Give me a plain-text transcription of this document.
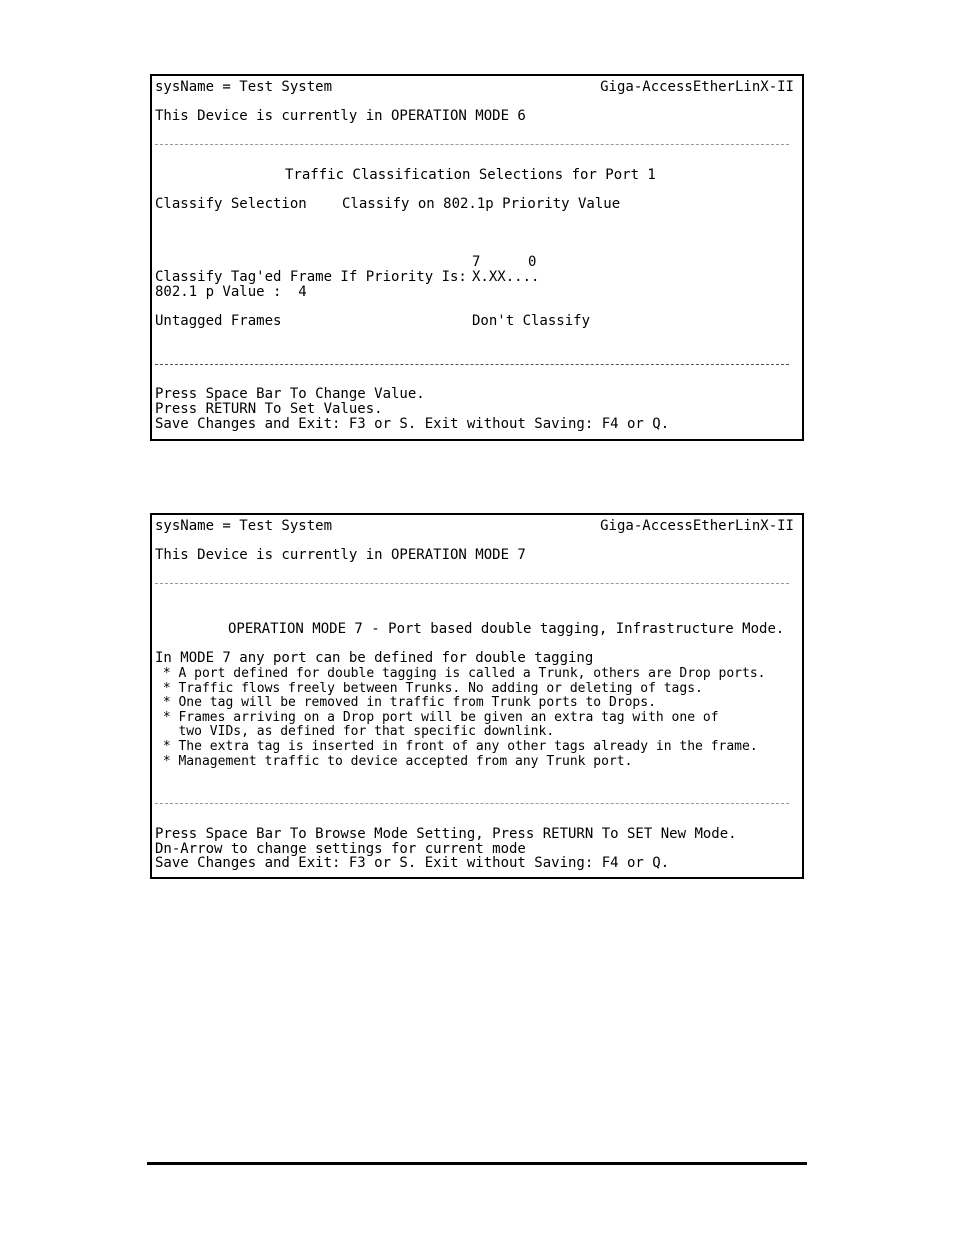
sysName = Test System

	Giga-AccessEtherLinX-II

This Device is currently in OPERATION MODE 6

Traffic Classification Selections for Port 1

Classify Selection

	Classify on 802.1p Priority Value

7

	0

Classify Tag'ed Frame If Priority Is:

X.XX....

802.1 p Value :  4

Untagged Frames

	Don't Classify

Press Space Bar To Change Value.

Press RETURN To Set Values.

Save Changes and Exit: F3 or S. Exit without Saving: F4 or Q.

sysName = Test System

	Giga-AccessEtherLinX-II

This Device is currently in OPERATION MODE 7

OPERATION MODE 7 - Port based double tagging, Infrastructure Mode.

In MODE 7 any port can be defined for double tagging

* A port defined for double tagging is called a Trunk, others are Drop ports.

* Traffic flows freely between Trunks. No adding or deleting of tags.

* One tag will be removed in traffic from Trunk ports to Drops.

* Frames arriving on a Drop port will be given an extra tag with one of

two VIDs, as defined for that specific downlink.

* The extra tag is inserted in front of any other tags already in the frame.

* Management traffic to device accepted from any Trunk port.

Press Space Bar To Browse Mode Setting, Press RETURN To SET New Mode.

Dn-Arrow to change settings for current mode

Save Changes and Exit: F3 or S. Exit without Saving: F4 or Q.
